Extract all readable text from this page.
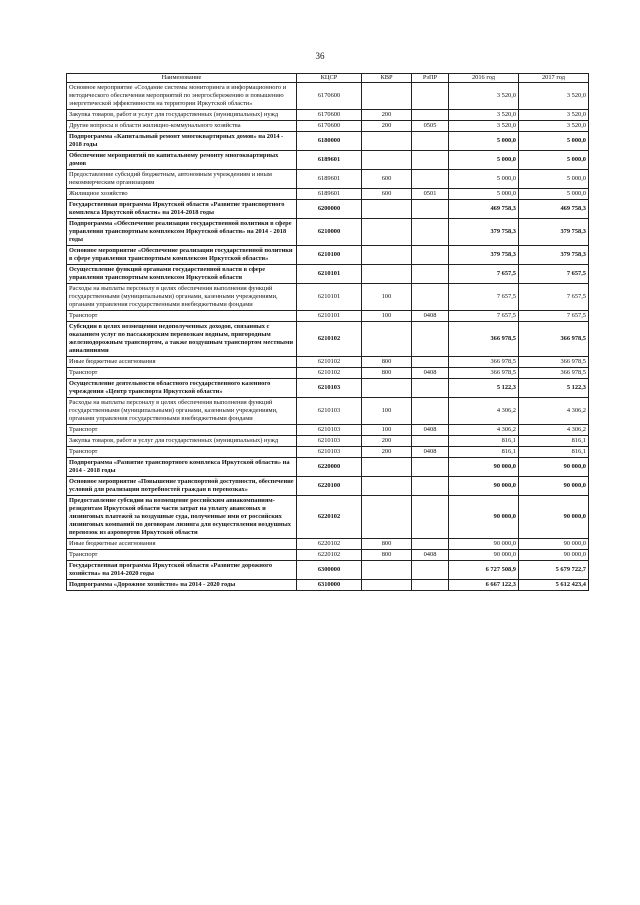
36
Наименование	КЦСР	КВР	РзПР	2016 год	2017 год
Основное мероприятие «Создание системы мониторинга и информационного и методического обеспечения мероприятий по энергосбережению и повышению энергетической эффективности на территории Иркутской области»	6170600			3 520,0	3 520,0
Закупка товаров, работ и услуг для государственных (муниципальных) нужд	6170600	200		3 520,0	3 520,0
Другие вопросы в области жилищно-коммунального хозяйства	6170600	200	0505	3 520,0	3 520,0
Подпрограмма «Капитальный ремонт многоквартирных домов» на 2014 - 2018 годы	6180000			5 000,0	5 000,0
Обеспечение мероприятий по капитальному ремонту многоквартирных домов	6189601			5 000,0	5 000,0
Предоставление субсидий бюджетным, автономным учреждениям и иным некоммерческим организациям	6189601	600		5 000,0	5 000,0
Жилищное хозяйство	6189601	600	0501	5 000,0	5 000,0
Государственная программа Иркутской области «Развитие транспортного комплекса Иркутской области» на 2014-2018 годы	6200000			469 758,3	469 758,3
Подпрограмма «Обеспечение реализации государственной политики в сфере управления транспортным комплексом Иркутской области» на 2014 - 2018 годы	6210000			379 758,3	379 758,3
Основное мероприятие «Обеспечение реализации государственной политики в сфере управления транспортным комплексом Иркутской области»	6210100			379 758,3	379 758,3
Осуществление функций органами государственной власти в сфере управления транспортным комплексом Иркутской области	6210101			7 657,5	7 657,5
Расходы на выплаты персоналу в целях обеспечения выполнения функций государственными (муниципальными) органами, казенными учреждениями, органами управления государственными внебюджетными фондами	6210101	100		7 657,5	7 657,5
Транспорт	6210101	100	0408	7 657,5	7 657,5
Субсидии в целях возмещения недополученных доходов, связанных с оказанием услуг по пассажирским перевозкам водным, пригородным железнодорожным транспортом, а также воздушным транспортом местными авиалиниями	6210102			366 978,5	366 978,5
Иные бюджетные ассигнования	6210102	800		366 978,5	366 978,5
Транспорт	6210102	800	0408	366 978,5	366 978,5
Осуществление деятельности областного государственного казенного учреждения «Центр транспорта Иркутской области»	6210103			5 122,3	5 122,3
Расходы на выплаты персоналу в целях обеспечения выполнения функций государственными (муниципальными) органами, казенными учреждениями, органами управления государственными внебюджетными фондами	6210103	100		4 306,2	4 306,2
Транспорт	6210103	100	0408	4 306,2	4 306,2
Закупка товаров, работ и услуг для государственных (муниципальных) нужд	6210103	200		816,1	816,1
Транспорт	6210103	200	0408	816,1	816,1
Подпрограмма «Развитие транспортного комплекса Иркутской области» на 2014 - 2018 годы	6220000			90 000,0	90 000,0
Основное мероприятие «Повышение транспортной доступности, обеспечение условий для реализации потребностей граждан в перевозках»	6220100			90 000,0	90 000,0
Предоставление субсидии на возмещение российским авиакомпаниям-резидентам Иркутской области части затрат на уплату авансовых и лизинговых платежей за воздушные суда, полученные ими от российских лизинговых компаний по договорам лизинга для осуществления воздушных перевозок из аэропортов Иркутской области	6220102			90 000,0	90 000,0
Иные бюджетные ассигнования	6220102	800		90 000,0	90 000,0
Транспорт	6220102	800	0408	90 000,0	90 000,0
Государственная программа Иркутской области «Развитие дорожного хозяйства» на 2014-2020 годы	6300000			6 727 508,9	5 679 722,7
Подпрограмма «Дорожное хозяйство» на 2014 - 2020 годы	6310000			6 667 122,3	5 612 423,4
